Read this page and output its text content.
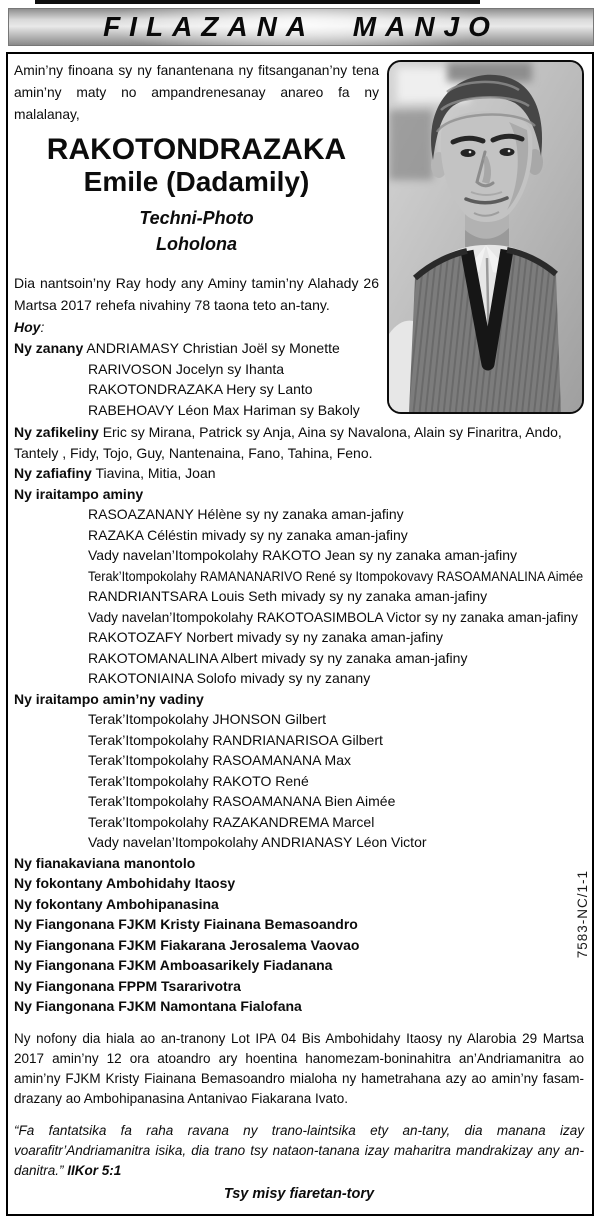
FILAZANA MANJO

Amin’ny finoana sy ny fanantenana ny fitsanganan’ny tena amin’ny maty no ampandrenesanay anareo fa ny malalanay,

RAKOTONDRAZAKA
Emile (Dadamily)
Techni-Photo
Loholona

Dia nantsoin’ny Ray hody any Aminy tamin’ny Alahady 26 Martsa 2017 rehefa nivahiny 78 taona teto an-tany.

Hoy:
Ny zanany ANDRIAMASY Christian Joël sy Monette
RARIVOSON Jocelyn sy Ihanta
RAKOTONDRAZAKA Hery sy Lanto
RABEHOAVY Léon Max Hariman sy Bakoly
Ny zafikeliny Eric sy Mirana, Patrick sy Anja, Aina sy Navalona, Alain sy Finaritra, Ando, Tantely , Fidy, Tojo, Guy, Nantenaina, Fano, Tahina, Feno.
Ny zafiafiny Tiavina, Mitia, Joan
Ny iraitampo aminy
RASOAZANANY Hélène sy ny zanaka aman-jafiny
RAZAKA Céléstin mivady sy ny zanaka aman-jafiny
Vady navelan’Itompokolahy RAKOTO Jean sy ny zanaka aman-jafiny
Terak’Itompokolahy RAMANANARIVO René sy Itompokovavy RASOAMANALINA Aimée
RANDRIANTSARA Louis Seth mivady sy ny zanaka aman-jafiny
Vady navelan’Itompokolahy RAKOTOASIMBOLA Victor sy ny zanaka aman-jafiny
RAKOTOZAFY Norbert mivady sy ny zanaka aman-jafiny
RAKOTOMANALINA Albert mivady sy ny zanaka aman-jafiny
RAKOTONIAINA Solofo mivady sy ny zanany
Ny iraitampo amin’ny vadiny
Terak’Itompokolahy JHONSON Gilbert
Terak’Itompokolahy RANDRIANARISOA Gilbert
Terak’Itompokolahy RASOAMANANA Max
Terak’Itompokolahy RAKOTO René
Terak’Itompokolahy RASOAMANANA Bien Aimée
Terak’Itompokolahy RAZAKANDREMA Marcel
Vady navelan’Itompokolahy ANDRIANASY Léon Victor
Ny fianakaviana manontolo
Ny fokontany Ambohidahy Itaosy
Ny fokontany Ambohipanasina
Ny Fiangonana FJKM Kristy Fiainana Bemasoandro
Ny Fiangonana FJKM Fiakarana Jerosalema Vaovao
Ny Fiangonana FJKM Amboasarikely Fiadanana
Ny Fiangonana FPPM Tsararivotra
Ny Fiangonana FJKM Namontana Fialofana

Ny nofony dia hiala ao an-tranony Lot IPA 04 Bis Ambohidahy Itaosy ny Alarobia 29 Martsa 2017 amin’ny 12 ora atoandro ary hoentina hanomezam-boninahitra an’Andriamanitra ao amin’ny FJKM Kristy Fiainana Bemasoandro mialoha ny hametrahana azy ao amin’ny fasam-drazany ao Ambohipanasina Antanivao Fiakarana Ivato.

“Fa fantatsika fa raha ravana ny trano-laintsika ety an-tany, dia manana izay voarafitr’Andriamanitra isika, dia trano tsy nataon-tanana izay maharitra mandrakizay any an-danitra.” IIKor 5:1

Tsy misy fiaretan-tory

7583-NC/1-1
